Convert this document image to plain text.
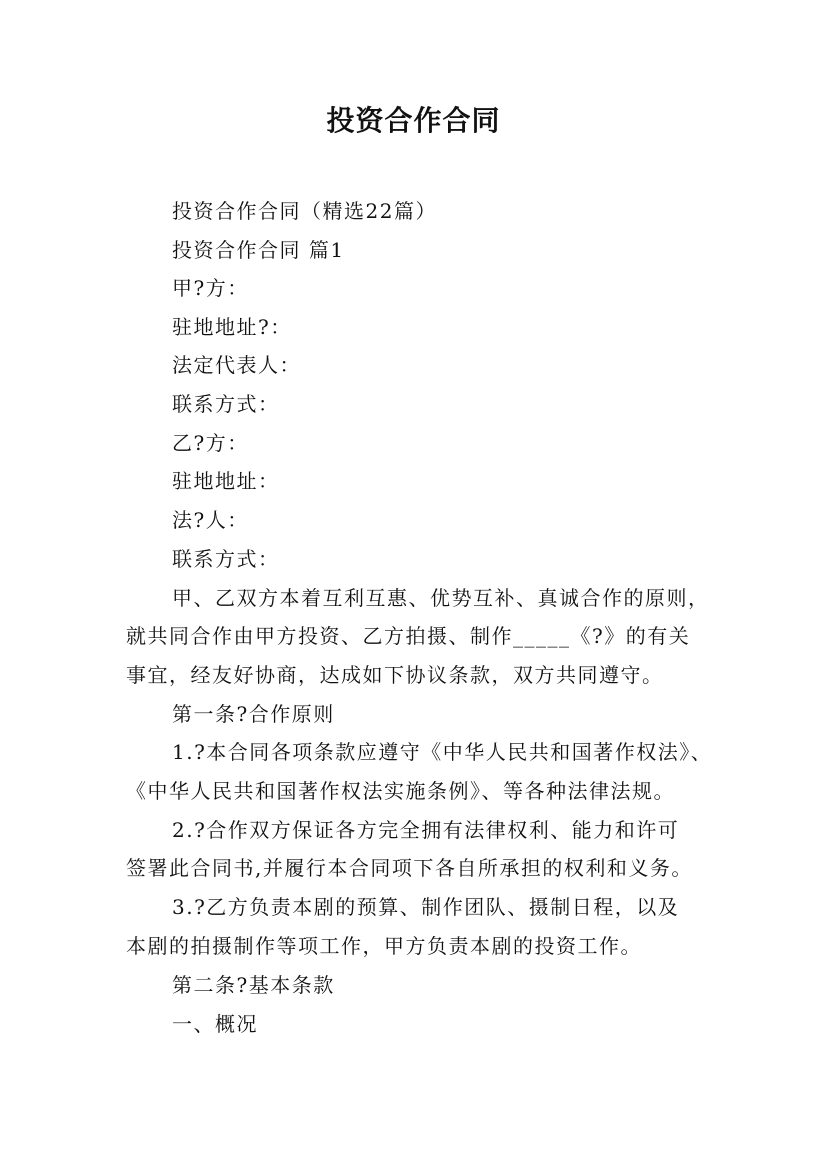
投资合作合同
投资合作合同（精选22篇）
投资合作合同 篇1
甲?方：
驻地地址?：
法定代表人：
联系方式：
乙?方：
驻地地址：
法?人：
联系方式：
甲、乙双方本着互利互惠、优势互补、真诚合作的原则，
就共同合作由甲方投资、乙方拍摄、制作_____《?》的有关
事宜，经友好协商，达成如下协议条款，双方共同遵守。
第一条?合作原则
1.?本合同各项条款应遵守《中华人民共和国著作权法》、
《中华人民共和国著作权法实施条例》、等各种法律法规。
2.?合作双方保证各方完全拥有法律权利、能力和许可
签署此合同书,并履行本合同项下各自所承担的权利和义务。
3.?乙方负责本剧的预算、制作团队、摄制日程，以及
本剧的拍摄制作等项工作，甲方负责本剧的投资工作。
第二条?基本条款
一、概况
